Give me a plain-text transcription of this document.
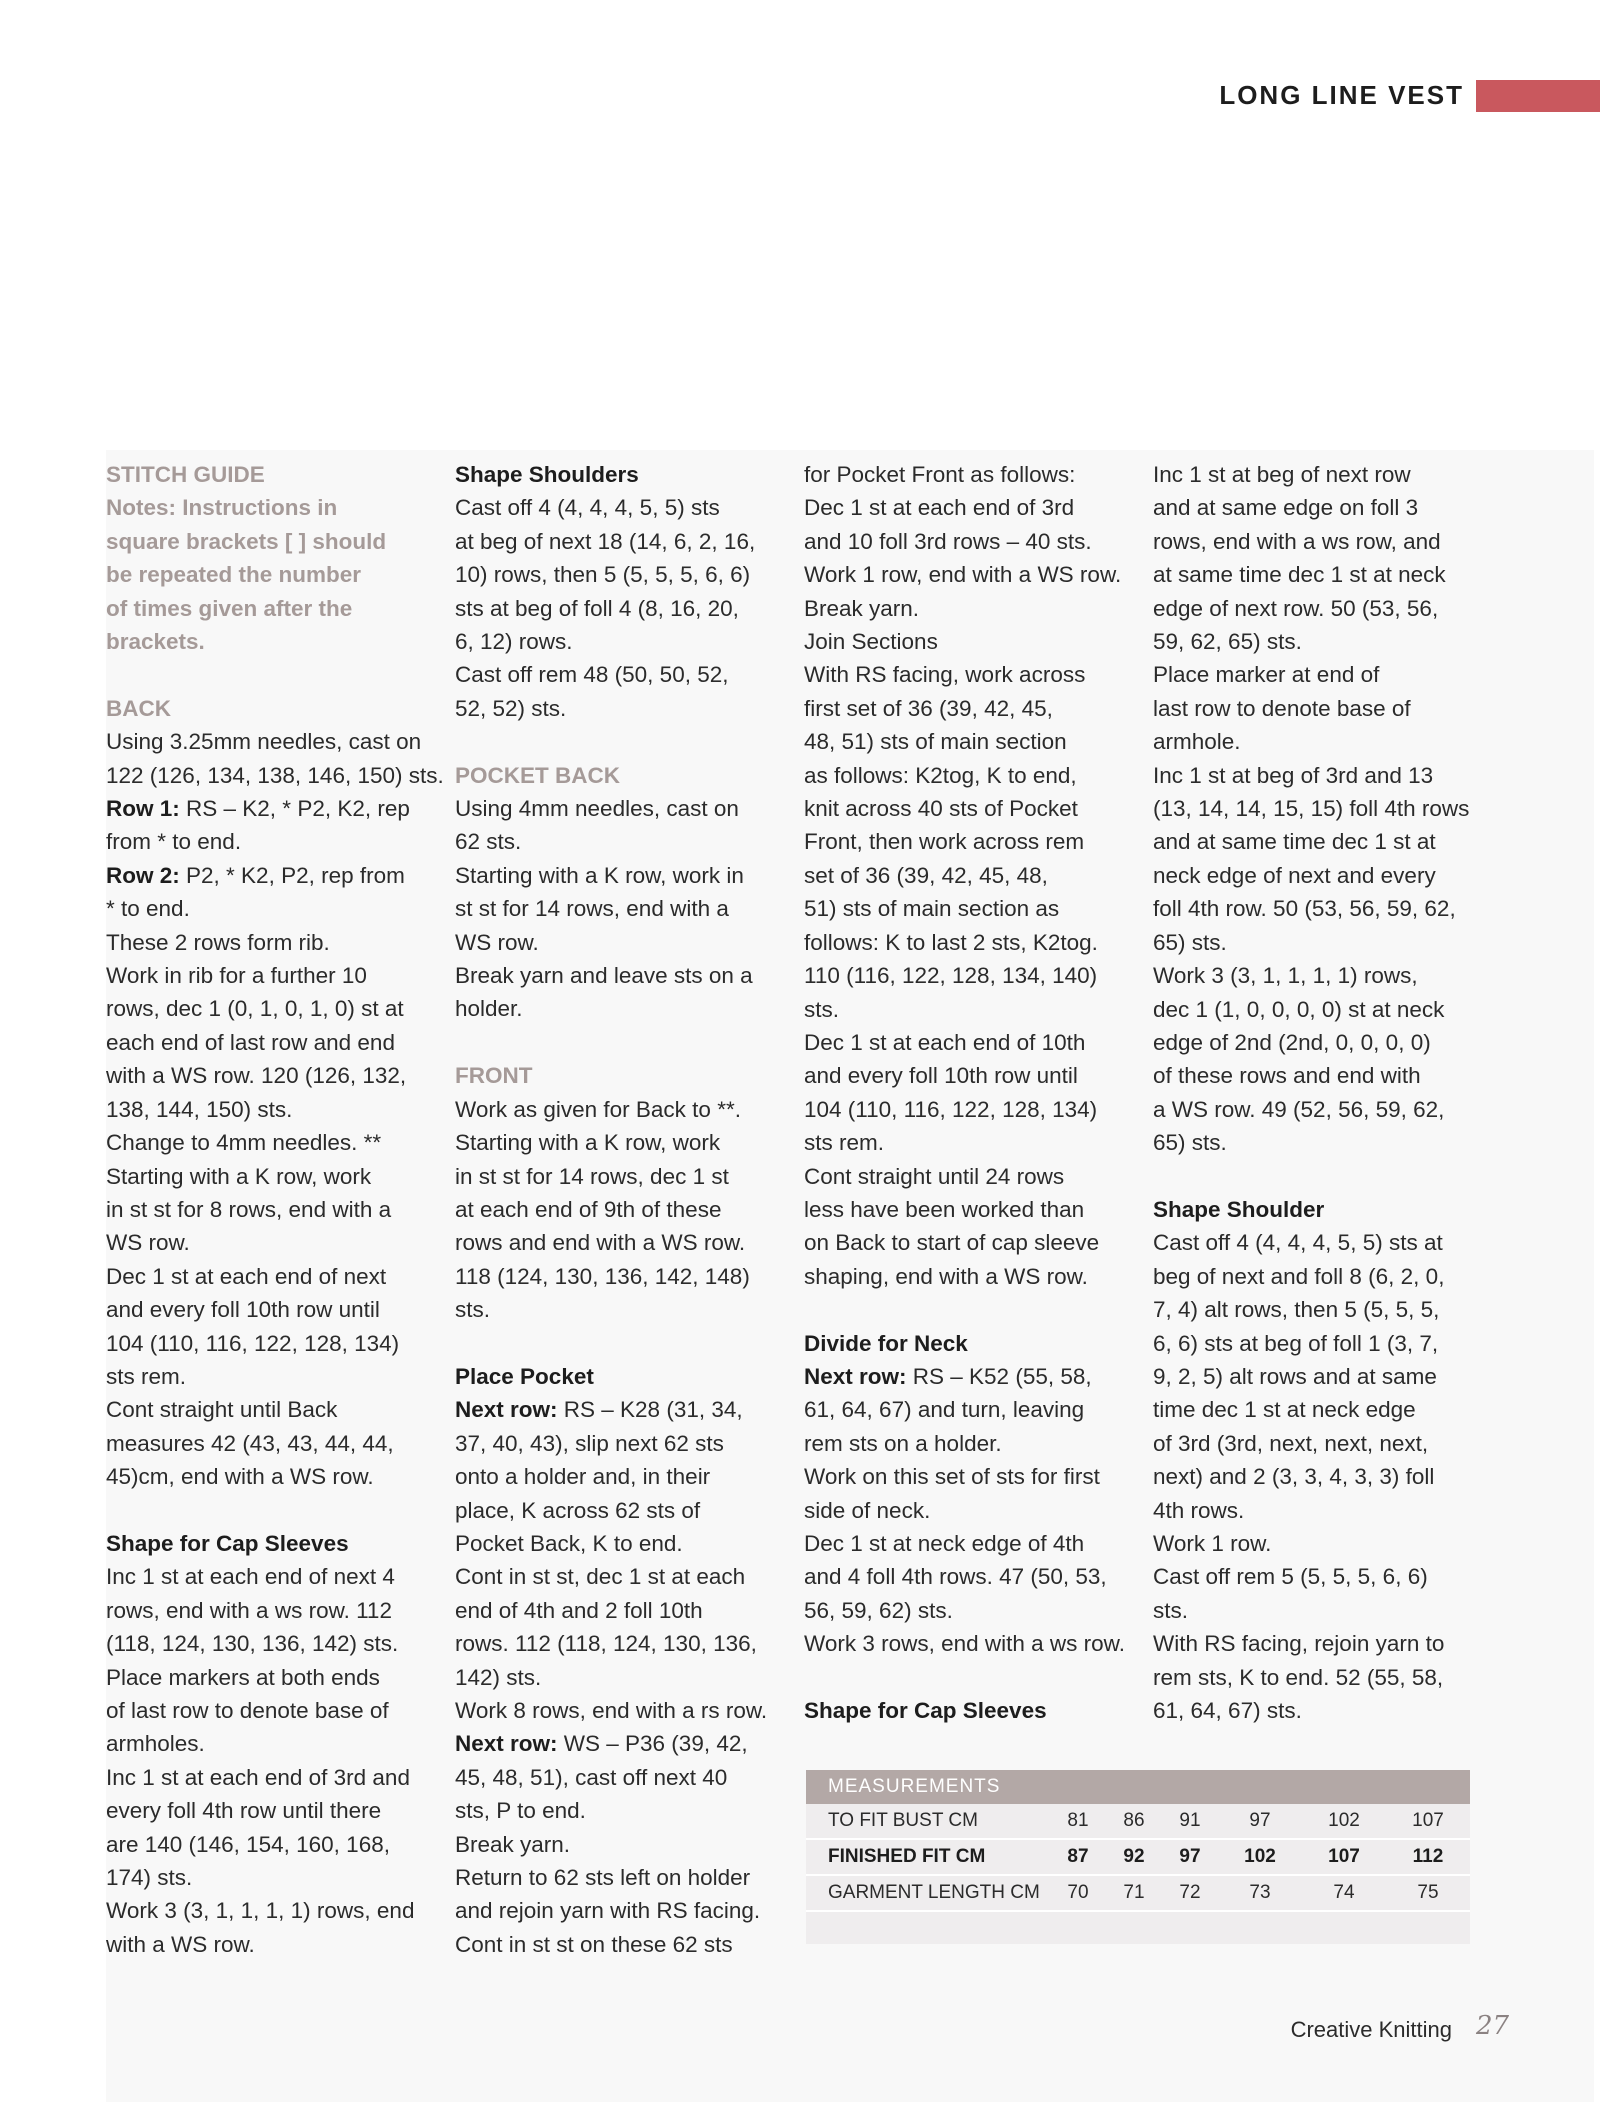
LONG LINE VEST

STITCH GUIDE

Notes: Instructions in

square brackets [ ] should

be repeated the number

of times given after the

brackets.

BACK

Using 3.25mm needles, cast on

122 (126, 134, 138, 146, 150) sts.

Row 1: RS – K2, * P2, K2, rep

from * to end.

Row 2: P2, * K2, P2, rep from

* to end.

These 2 rows form rib.

Work in rib for a further 10

rows, dec 1 (0, 1, 0, 1, 0) st at

each end of last row and end

with a WS row. 120 (126, 132,

138, 144, 150) sts.

Change to 4mm needles. **

Starting with a K row, work

in st st for 8 rows, end with a

WS row.

Dec 1 st at each end of next

and every foll 10th row until

104 (110, 116, 122, 128, 134)

sts rem.

Cont straight until Back

measures 42 (43, 43, 44, 44,

45)cm, end with a WS row.

Shape for Cap Sleeves

Inc 1 st at each end of next 4

rows, end with a ws row. 112

(118, 124, 130, 136, 142) sts.

Place markers at both ends

of last row to denote base of

armholes.

Inc 1 st at each end of 3rd and

every foll 4th row until there

are 140 (146, 154, 160, 168,

174) sts.

Work 3 (3, 1, 1, 1, 1) rows, end

with a WS row.

Shape Shoulders

Cast off 4 (4, 4, 4, 5, 5) sts

at beg of next 18 (14, 6, 2, 16,

10) rows, then 5 (5, 5, 5, 6, 6)

sts at beg of foll 4 (8, 16, 20,

6, 12) rows.

Cast off rem 48 (50, 50, 52,

52, 52) sts.

POCKET BACK

Using 4mm needles, cast on

62 sts.

Starting with a K row, work in

st st for 14 rows, end with a

WS row.

Break yarn and leave sts on a

holder.

FRONT

Work as given for Back to **.

Starting with a K row, work

in st st for 14 rows, dec 1 st

at each end of 9th of these

rows and end with a WS row.

118 (124, 130, 136, 142, 148)

sts.

Place Pocket

Next row: RS – K28 (31, 34,

37, 40, 43), slip next 62 sts

onto a holder and, in their

place, K across 62 sts of

Pocket Back, K to end.

Cont in st st, dec 1 st at each

end of 4th and 2 foll 10th

rows. 112 (118, 124, 130, 136,

142) sts.

Work 8 rows, end with a rs row.

Next row: WS – P36 (39, 42,

45, 48, 51), cast off next 40

sts, P to end.

Break yarn.

Return to 62 sts left on holder

and rejoin yarn with RS facing.

Cont in st st on these 62 sts

for Pocket Front as follows:

Dec 1 st at each end of 3rd

and 10 foll 3rd rows – 40 sts.

Work 1 row, end with a WS row.

Break yarn.

Join Sections

With RS facing, work across

first set of 36 (39, 42, 45,

48, 51) sts of main section

as follows: K2tog, K to end,

knit across 40 sts of Pocket

Front, then work across rem

set of 36 (39, 42, 45, 48,

51) sts of main section as

follows: K to last 2 sts, K2tog.

110 (116, 122, 128, 134, 140)

sts.

Dec 1 st at each end of 10th

and every foll 10th row until

104 (110, 116, 122, 128, 134)

sts rem.

Cont straight until 24 rows

less have been worked than

on Back to start of cap sleeve

shaping, end with a WS row.

Divide for Neck

Next row: RS – K52 (55, 58,

61, 64, 67) and turn, leaving

rem sts on a holder.

Work on this set of sts for first

side of neck.

Dec 1 st at neck edge of 4th

and 4 foll 4th rows. 47 (50, 53,

56, 59, 62) sts.

Work 3 rows, end with a ws row.

Shape for Cap Sleeves

Inc 1 st at beg of next row

and at same edge on foll 3

rows, end with a ws row, and

at same time dec 1 st at neck

edge of next row. 50 (53, 56,

59, 62, 65) sts.

Place marker at end of

last row to denote base of

armhole.

Inc 1 st at beg of 3rd and 13

(13, 14, 14, 15, 15) foll 4th rows

and at same time dec 1 st at

neck edge of next and every

foll 4th row. 50 (53, 56, 59, 62,

65) sts.

Work 3 (3, 1, 1, 1, 1) rows,

dec 1 (1, 0, 0, 0, 0) st at neck

edge of 2nd (2nd, 0, 0, 0, 0)

of these rows and end with

a WS row. 49 (52, 56, 59, 62,

65) sts.

Shape Shoulder

Cast off 4 (4, 4, 4, 5, 5) sts at

beg of next and foll 8 (6, 2, 0,

7, 4) alt rows, then 5 (5, 5, 5,

6, 6) sts at beg of foll 1 (3, 7,

9, 2, 5) alt rows and at same

time dec 1 st at neck edge

of 3rd (3rd, next, next, next,

next) and 2 (3, 3, 4, 3, 3) foll

4th rows.

Work 1 row.

Cast off rem 5 (5, 5, 5, 6, 6)

sts.

With RS facing, rejoin yarn to

rem sts, K to end. 52 (55, 58,

61, 64, 67) sts.

MEASUREMENTS
TO FIT BUST CM	81	86	91	97	102	107
FINISHED FIT CM	87	92	97	102	107	112
GARMENT LENGTH CM	70	71	72	73	74	75
Creative Knitting 27
